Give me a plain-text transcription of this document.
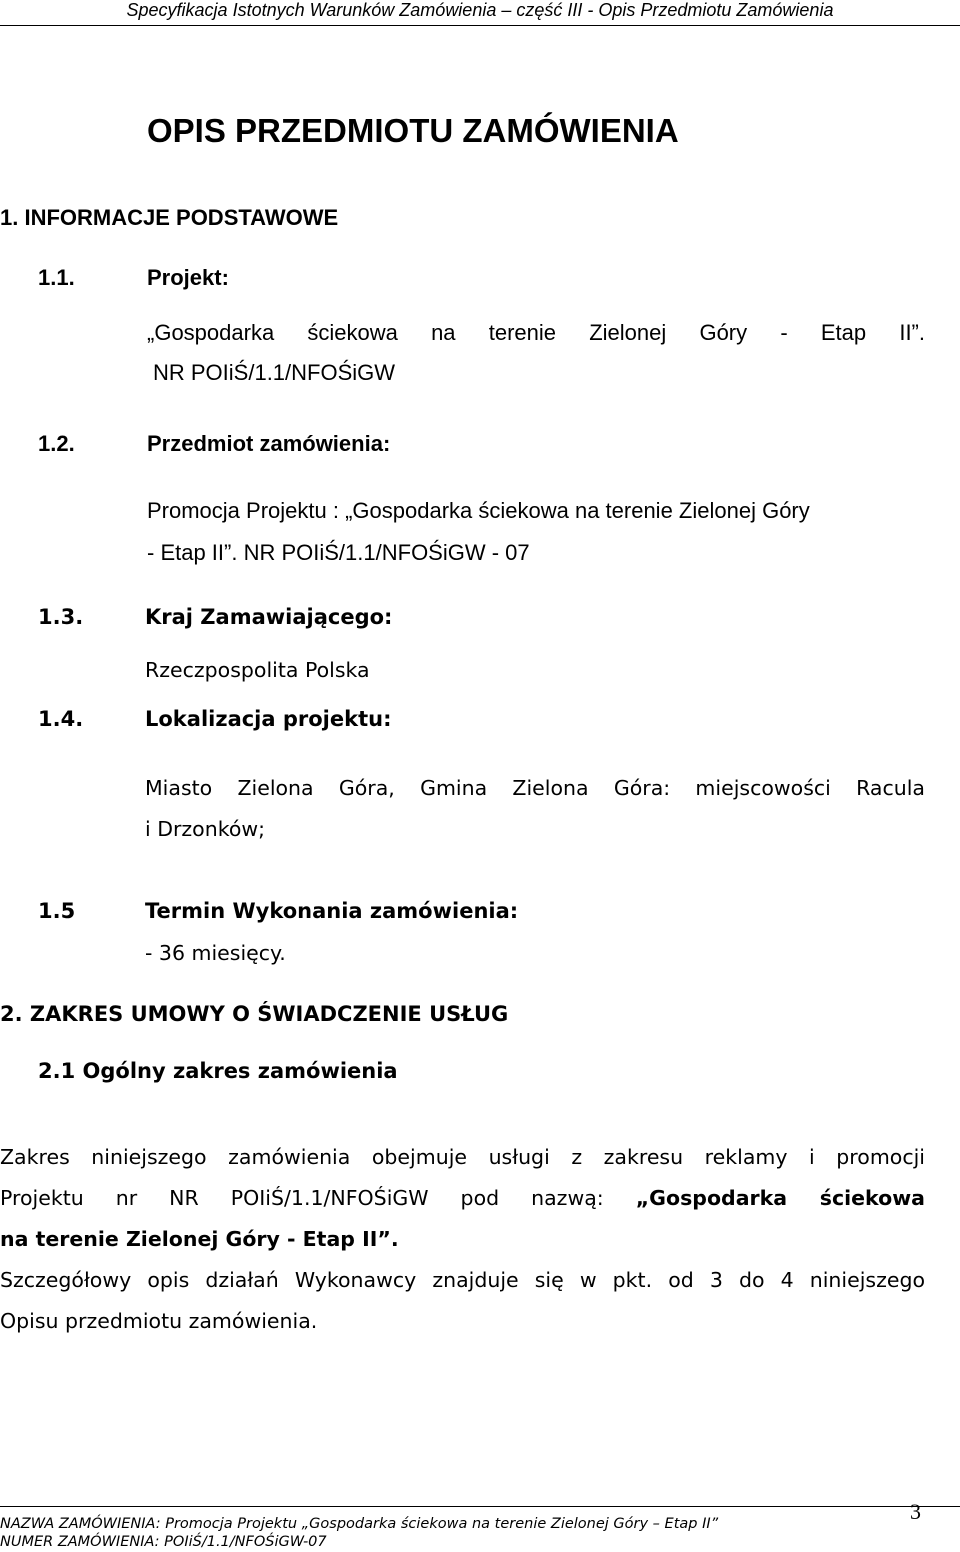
Specyfikacja Istotnych Warunków Zamówienia – część III - Opis Przedmiotu Zamówienia
OPIS PRZEDMIOTU ZAMÓWIENIA
1. INFORMACJE PODSTAWOWE
1.1.	Projekt:
„Gospodarka ściekowa na terenie Zielonej Góry - Etap II”.
NR POIiŚ/1.1/NFOŚiGW
1.2.	Przedmiot zamówienia:
Promocja Projektu : „Gospodarka ściekowa na terenie Zielonej Góry
- Etap II”. NR POIiŚ/1.1/NFOŚiGW - 07
1.3.	Kraj Zamawiającego:
Rzeczpospolita Polska
1.4.	Lokalizacja projektu:
Miasto Zielona Góra, Gmina Zielona Góra: miejscowości Racula
i Drzonków;
1.5	Termin Wykonania zamówienia:
- 36 miesięcy.
2. ZAKRES UMOWY O ŚWIADCZENIE USŁUG
2.1 Ogólny zakres zamówienia
Zakres niniejszego zamówienia obejmuje usługi z zakresu reklamy i promocji
Projektu nr NR POIiŚ/1.1/NFOŚiGW pod nazwą: „Gospodarka ściekowa
na terenie Zielonej Góry - Etap II”.
Szczegółowy opis działań Wykonawcy znajduje się w pkt. od 3 do 4 niniejszego
Opisu przedmiotu zamówienia.
NAZWA ZAMÓWIENIA: Promocja Projektu „Gospodarka ściekowa na terenie Zielonej Góry – Etap II”
NUMER ZAMÓWIENIA: POIiŚ/1.1/NFOŚiGW-07
3
